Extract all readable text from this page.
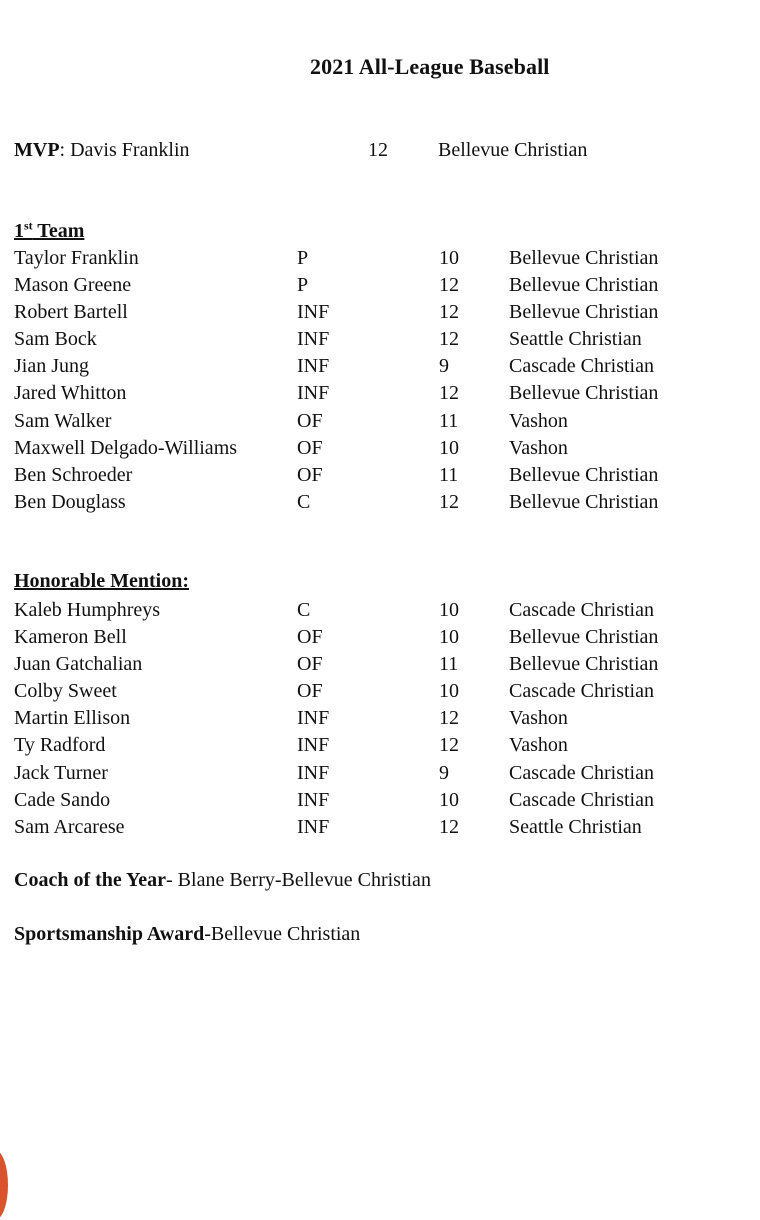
2021 All-League Baseball
MVP: Davis Franklin	12	Bellevue Christian
1st Team
Taylor Franklin	P	10	Bellevue Christian
Mason Greene	P	12	Bellevue Christian
Robert Bartell	INF	12	Bellevue Christian
Sam Bock	INF	12	Seattle Christian
Jian Jung	INF	9	Cascade Christian
Jared Whitton	INF	12	Bellevue Christian
Sam Walker	OF	11	Vashon
Maxwell Delgado-Williams	OF	10	Vashon
Ben Schroeder	OF	11	Bellevue Christian
Ben Douglass	C	12	Bellevue Christian
Honorable Mention:
Kaleb Humphreys	C	10	Cascade Christian
Kameron Bell	OF	10	Bellevue Christian
Juan Gatchalian	OF	11	Bellevue Christian
Colby Sweet	OF	10	Cascade Christian
Martin Ellison	INF	12	Vashon
Ty Radford	INF	12	Vashon
Jack Turner	INF	9	Cascade Christian
Cade Sando	INF	10	Cascade Christian
Sam Arcarese	INF	12	Seattle Christian
Coach of the Year- Blane Berry-Bellevue Christian
Sportsmanship Award-Bellevue Christian
